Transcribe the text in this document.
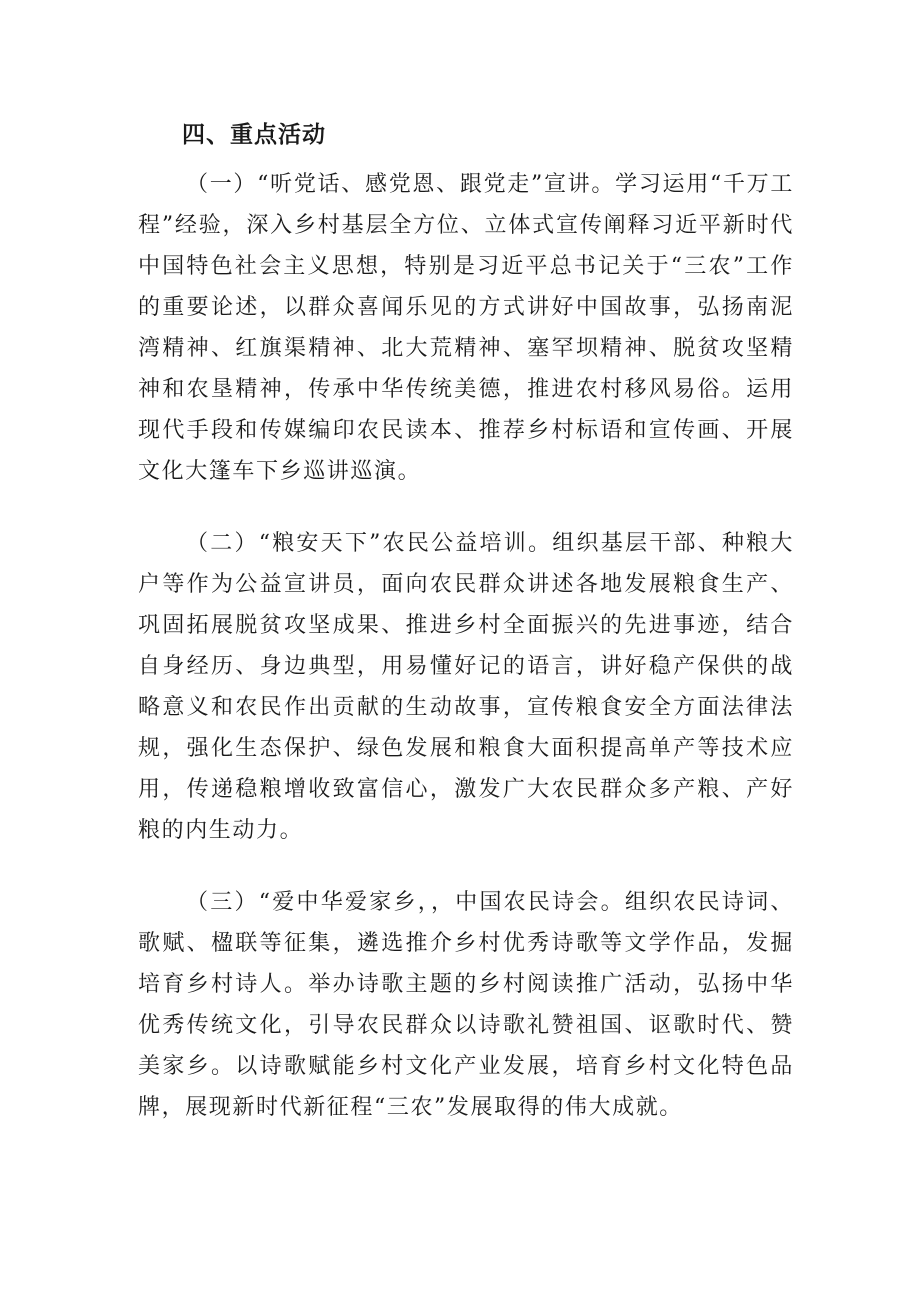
四、重点活动

（一）“听党话、感党恩、跟党走”宣讲。学习运用“千万工程”经验，深入乡村基层全方位、立体式宣传阐释习近平新时代中国特色社会主义思想，特别是习近平总书记关于“三农”工作的重要论述，以群众喜闻乐见的方式讲好中国故事，弘扬南泥湾精神、红旗渠精神、北大荒精神、塞罕坝精神、脱贫攻坚精神和农垦精神，传承中华传统美德，推进农村移风易俗。运用现代手段和传媒编印农民读本、推荐乡村标语和宣传画、开展文化大篷车下乡巡讲巡演。

（二）“粮安天下”农民公益培训。组织基层干部、种粮大户等作为公益宣讲员，面向农民群众讲述各地发展粮食生产、巩固拓展脱贫攻坚成果、推进乡村全面振兴的先进事迹，结合自身经历、身边典型，用易懂好记的语言，讲好稳产保供的战略意义和农民作出贡献的生动故事，宣传粮食安全方面法律法规，强化生态保护、绿色发展和粮食大面积提高单产等技术应用，传递稳粮增收致富信心，激发广大农民群众多产粮、产好粮的内生动力。

（三）“爱中华爱家乡，，中国农民诗会。组织农民诗词、歌赋、楹联等征集，遴选推介乡村优秀诗歌等文学作品，发掘培育乡村诗人。举办诗歌主题的乡村阅读推广活动，弘扬中华优秀传统文化，引导农民群众以诗歌礼赞祖国、讴歌时代、赞美家乡。以诗歌赋能乡村文化产业发展，培育乡村文化特色品牌，展现新时代新征程“三农”发展取得的伟大成就。
